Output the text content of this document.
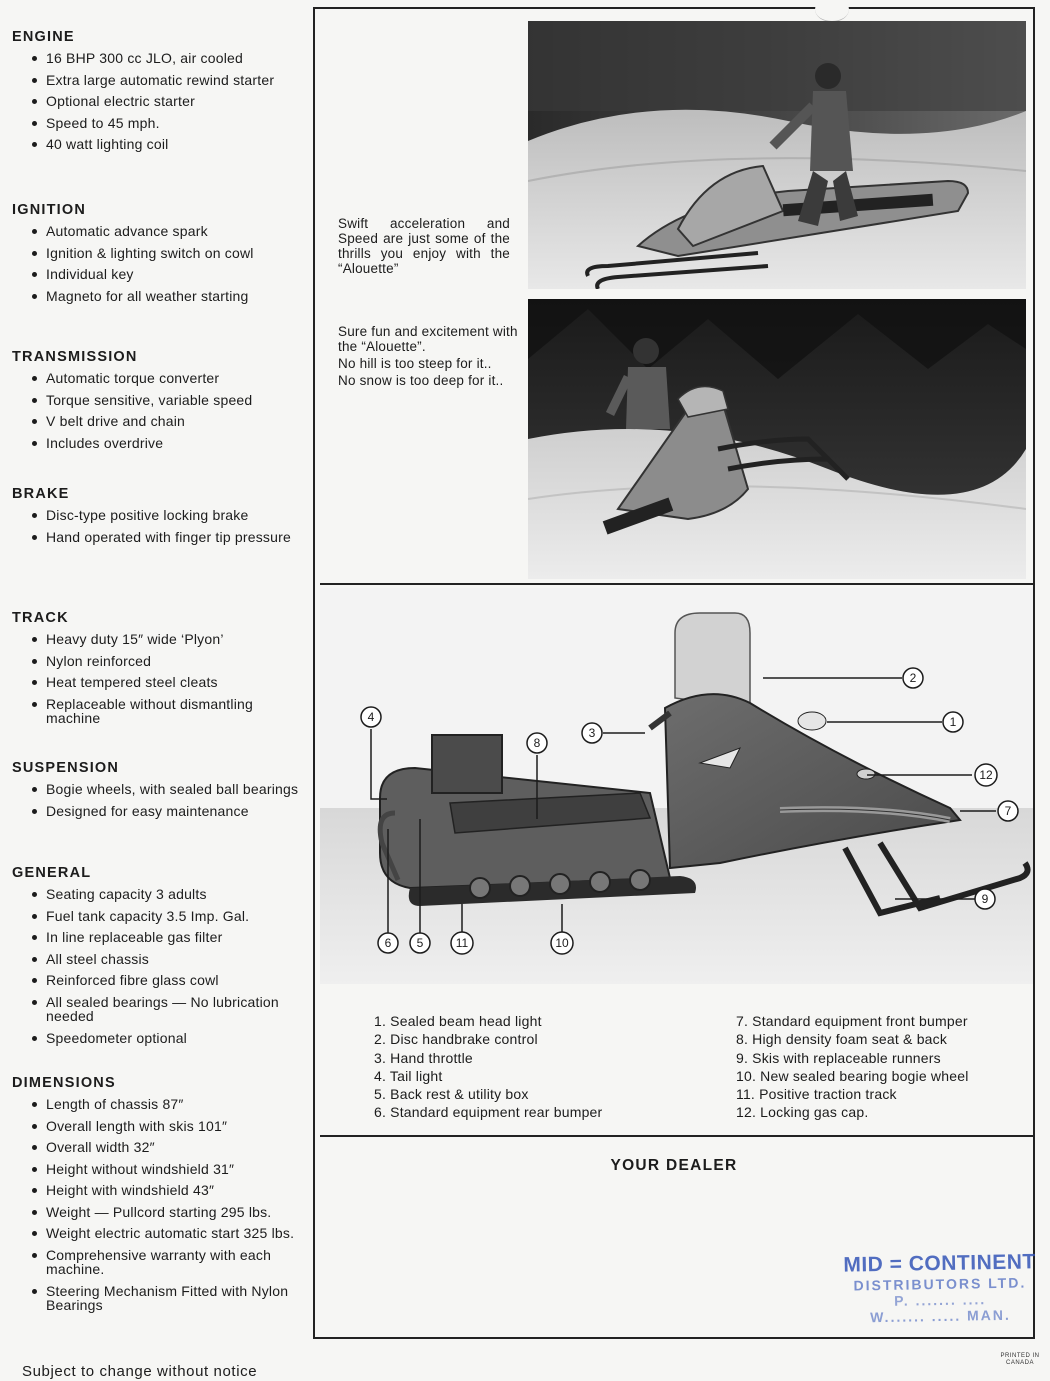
ENGINE
16 BHP 300 cc JLO, air cooled
Extra large automatic rewind starter
Optional electric starter
Speed to 45 mph.
40 watt lighting coil
IGNITION
Automatic advance spark
Ignition & lighting switch on cowl
Individual key
Magneto for all weather starting
TRANSMISSION
Automatic torque converter
Torque sensitive, variable speed
V belt drive and chain
Includes overdrive
BRAKE
Disc-type positive locking brake
Hand operated with finger tip pressure
TRACK
Heavy duty 15″ wide ‘Plyon’
Nylon reinforced
Heat tempered steel cleats
Replaceable without dismantling machine
SUSPENSION
Bogie wheels, with sealed ball bearings
Designed for easy maintenance
GENERAL
Seating capacity 3 adults
Fuel tank capacity 3.5 Imp. Gal.
In line replaceable gas filter
All steel chassis
Reinforced fibre glass cowl
All sealed bearings — No lubrication needed
Speedometer optional
DIMENSIONS
Length of chassis 87″
Overall length with skis 101″
Overall width 32″
Height without windshield 31″
Height with windshield 43″
Weight — Pullcord starting 295 lbs.
Weight electric automatic start 325 lbs.
Comprehensive warranty with each machine.
Steering Mechanism Fitted with Nylon Bearings
Subject to change without notice

Swift acceleration and Speed are just some of the thrills you enjoy with the “Alouette”

Sure fun and excitement with the “Alouette”.

No hill is too steep for it..

No snow is too deep for it..

1
2
3
4
5
6
7
8
9
10
11
12
1. Sealed beam head light
2. Disc handbrake control
3. Hand throttle
4. Tail light
5. Back rest & utility box
6. Standard equipment rear bumper
7. Standard equipment front bumper
8. High density foam seat & back
9. Skis with replaceable runners
10. New sealed bearing bogie wheel
11. Positive traction track
12. Locking gas cap.
YOUR DEALER
MID = CONTINENT
DISTRIBUTORS LTD.
P. ....... ....
W....... ..... MAN.
PRINTED IN CANADA
